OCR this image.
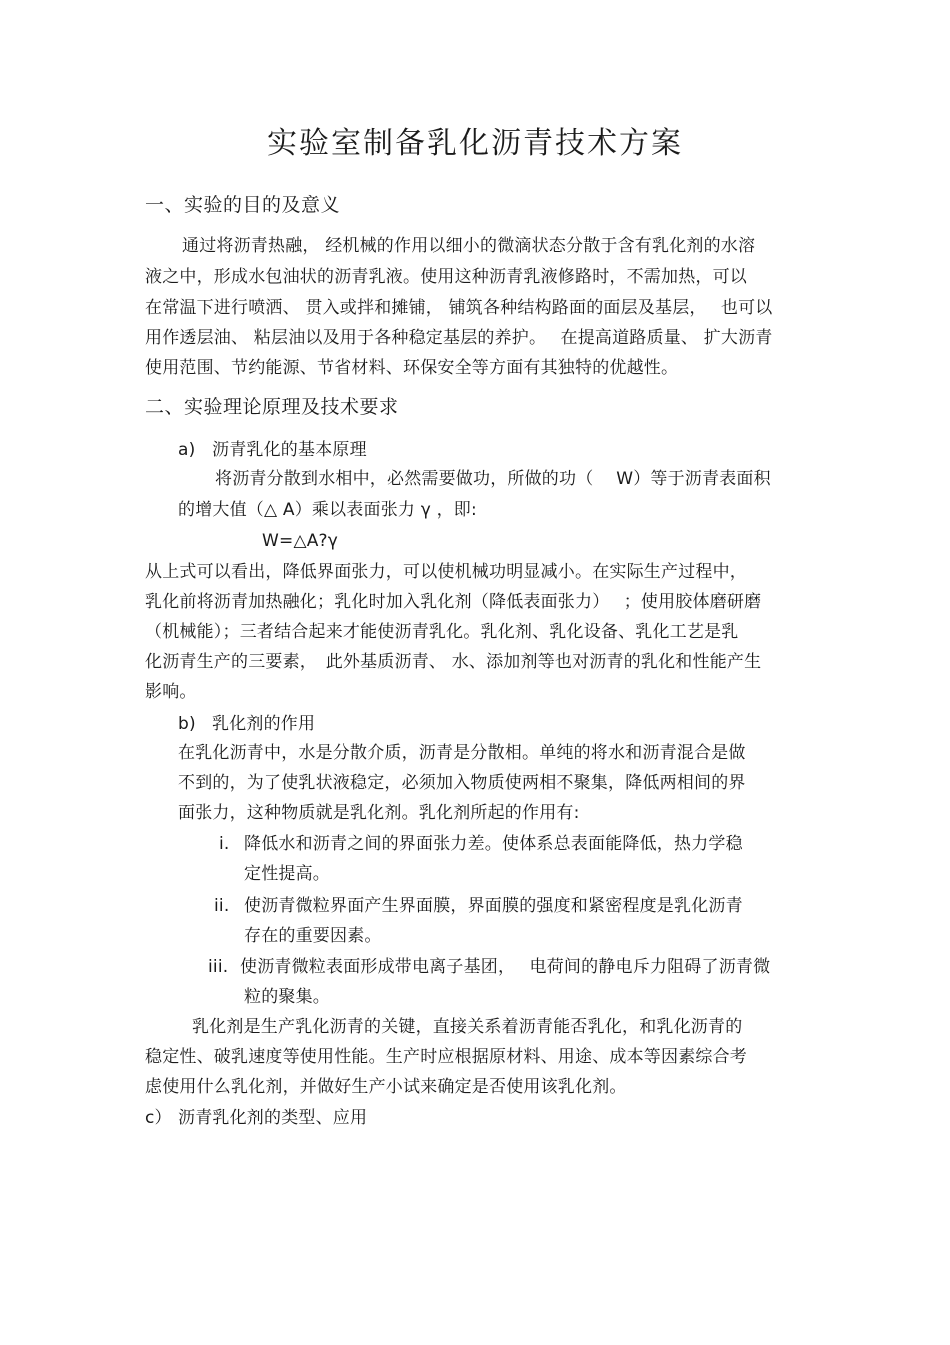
实验室制备乳化沥青技术方案
一、实验的目的及意义
通过将沥青热融， 经机械的作用以细小的微滴状态分散于含有乳化剂的水溶
液之中，形成水包油状的沥青乳液。使用这种沥青乳液修路时，不需加热，可以
在常温下进行喷洒、 贯入或拌和摊铺， 铺筑各种结构路面的面层及基层，　 也可以
用作透层油、 粘层油以及用于各种稳定基层的养护。　 在提高道路质量、 扩大沥青
使用范围、节约能源、节省材料、环保安全等方面有其独特的优越性。
二、实验理论原理及技术要求
a) 沥青乳化的基本原理
将沥青分散到水相中，必然需要做功，所做的功（　 W）等于沥青表面积
的增大值（△ A）乘以表面张力 γ ，即:
W=△A?γ
从上式可以看出，降低界面张力，可以使机械功明显减小。在实际生产过程中，
乳化前将沥青加热融化；乳化时加入乳化剂（降低表面张力）　 ；使用胶体磨研磨
（机械能）；三者结合起来才能使沥青乳化。乳化剂、乳化设备、乳化工艺是乳
化沥青生产的三要素，　此外基质沥青、 水、添加剂等也对沥青的乳化和性能产生
影响。
b) 乳化剂的作用
在乳化沥青中，水是分散介质，沥青是分散相。单纯的将水和沥青混合是做
不到的，为了使乳状液稳定，必须加入物质使两相不聚集，降低两相间的界
面张力，这种物质就是乳化剂。乳化剂所起的作用有:
i. 降低水和沥青之间的界面张力差。使体系总表面能降低，热力学稳
定性提高。
ii. 使沥青微粒界面产生界面膜，界面膜的强度和紧密程度是乳化沥青
存在的重要因素。
iii. 使沥青微粒表面形成带电离子基团，　 电荷间的静电斥力阻碍了沥青微
粒的聚集。
乳化剂是生产乳化沥青的关键，直接关系着沥青能否乳化，和乳化沥青的
稳定性、破乳速度等使用性能。生产时应根据原材料、用途、成本等因素综合考
虑使用什么乳化剂，并做好生产小试来确定是否使用该乳化剂。
c） 沥青乳化剂的类型、应用
